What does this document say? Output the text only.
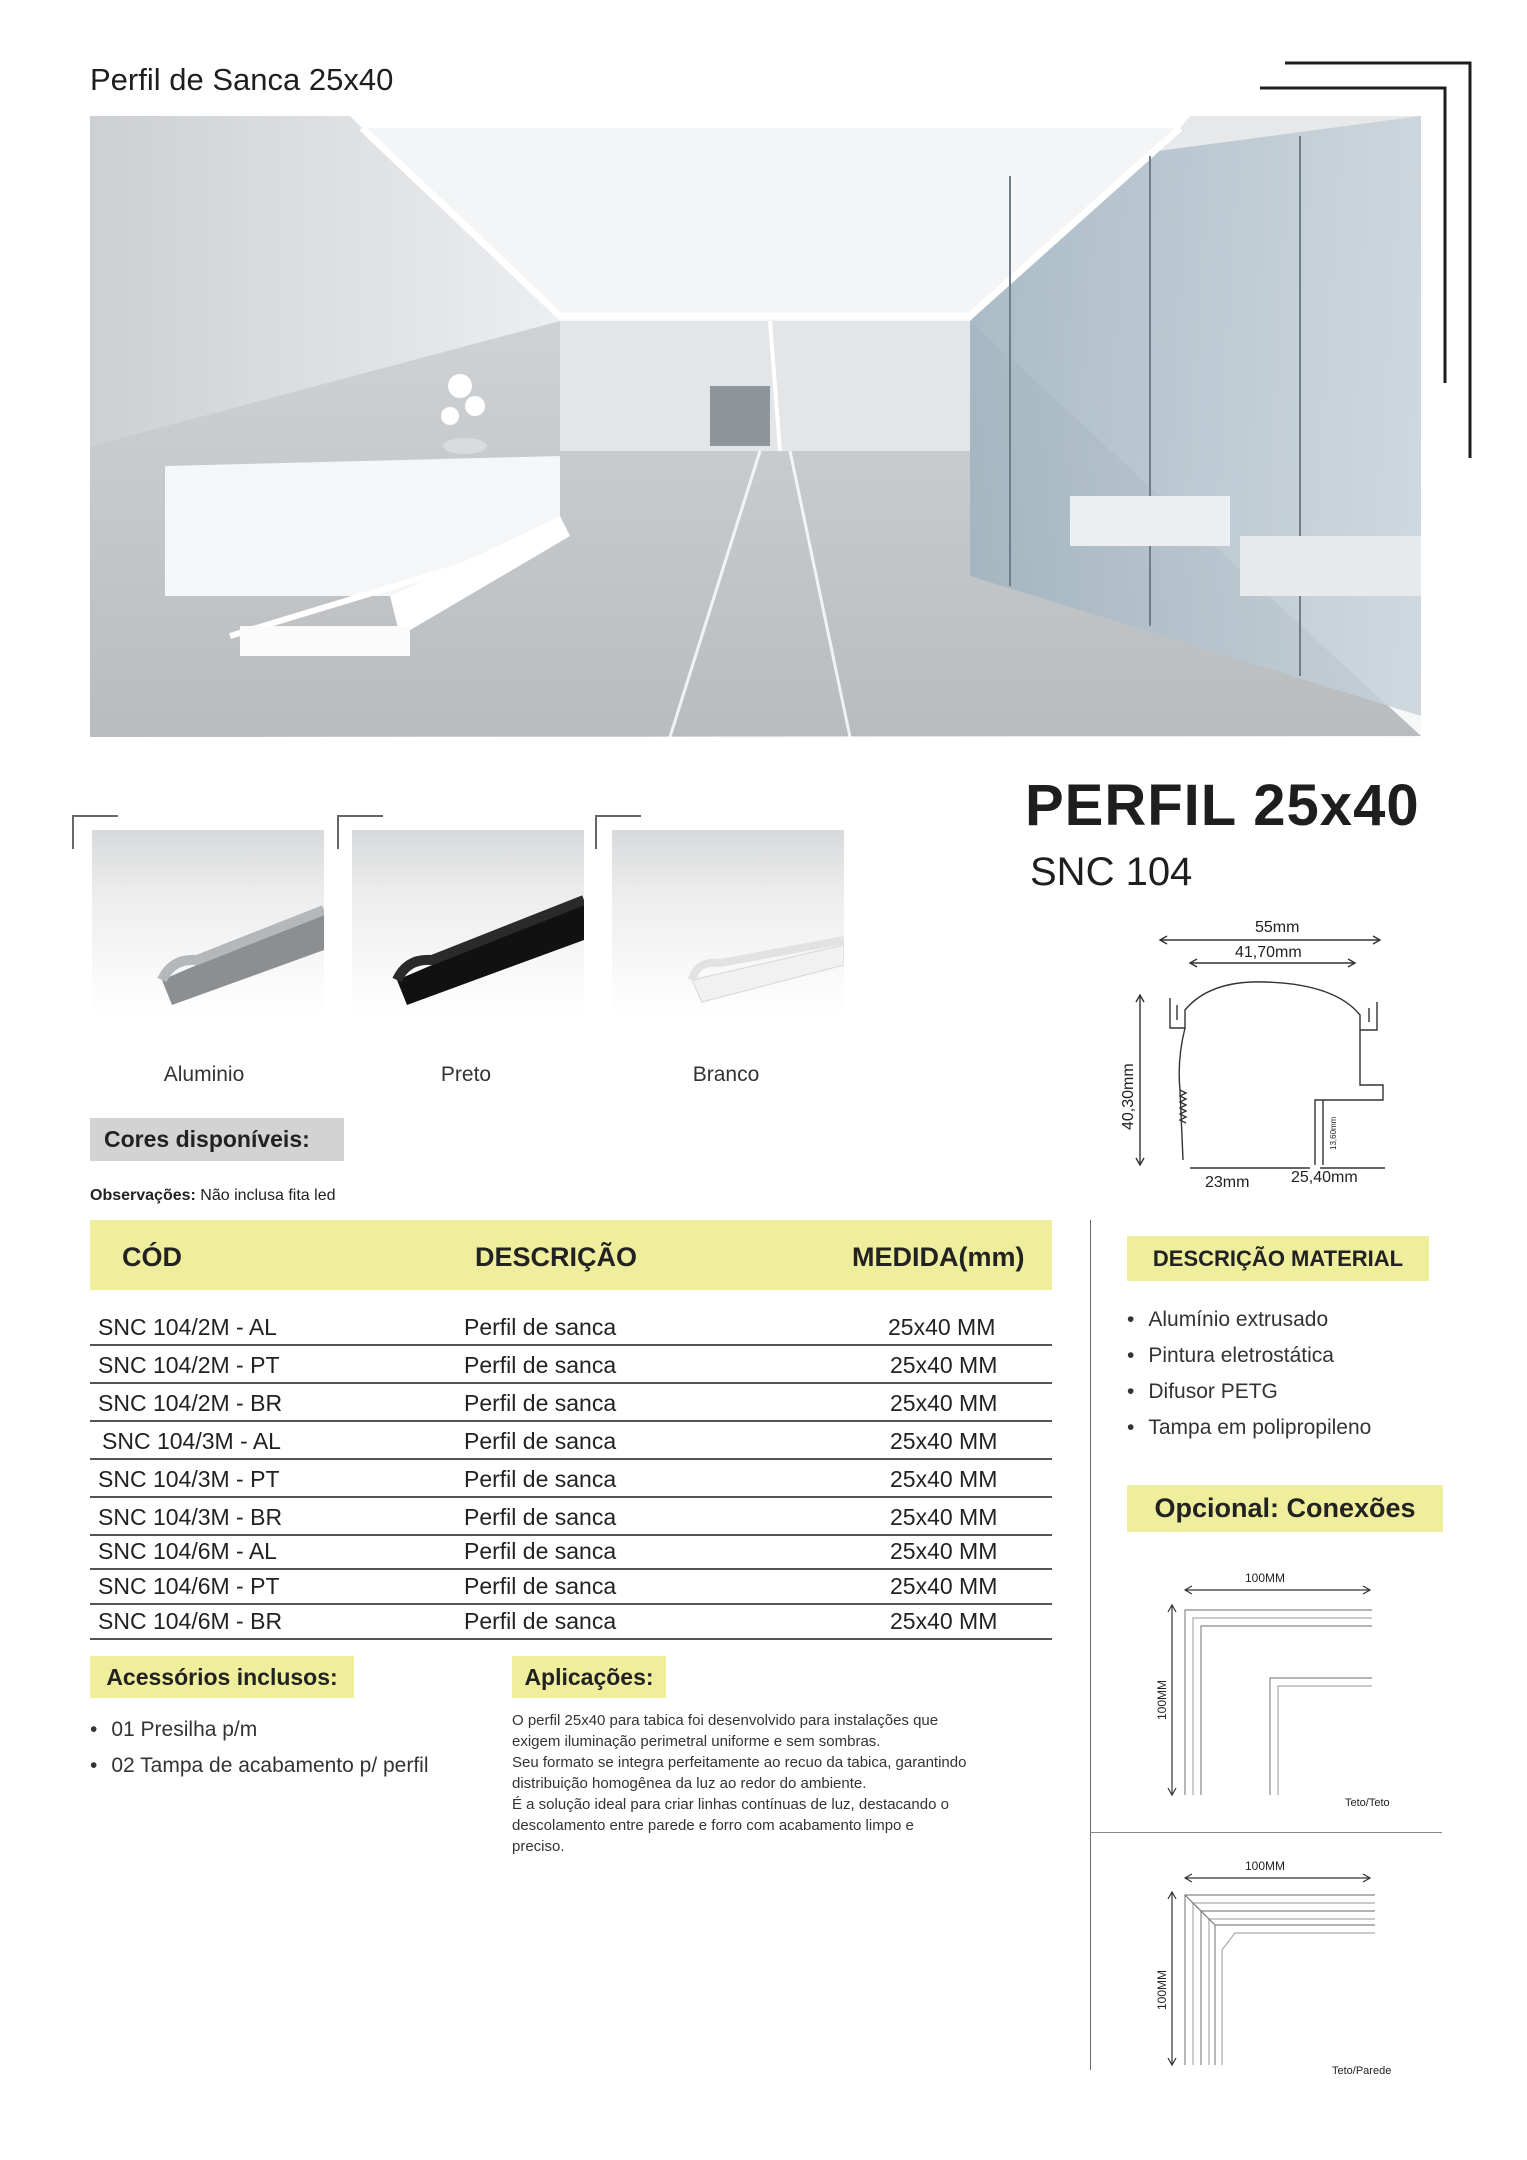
Perfil de Sanca 25x40
Aluminio	Preto	Branco
PERFIL 25x40
SNC 104
55mm
41,70mm
40,30mm
13,60mm
23mm	25,40mm
Cores disponíveis:
Observações: Não inclusa fita led
CÓD	DESCRIÇÃO	MEDIDA(mm)
SNC 104/2M - AL	Perfil de sanca	25x40 MM
SNC 104/2M - PT	Perfil de sanca	25x40 MM
SNC 104/2M - BR	Perfil de sanca	25x40 MM
SNC 104/3M - AL	Perfil de sanca	25x40 MM
SNC 104/3M - PT	Perfil de sanca	25x40 MM
SNC 104/3M - BR	Perfil de sanca	25x40 MM
SNC 104/6M - AL	Perfil de sanca	25x40 MM
SNC 104/6M - PT	Perfil de sanca	25x40 MM
SNC 104/6M - BR	Perfil de sanca	25x40 MM
DESCRIÇÃO MATERIAL
• Alumínio extrusado
• Pintura eletrostática
• Difusor PETG
• Tampa em polipropileno
Opcional: Conexões
100MM
100MM
Teto/Teto
100MM
100MM
Teto/Parede
Acessórios inclusos:
• 01 Presilha p/m
• 02 Tampa de acabamento p/ perfil
Aplicações:
O perfil 25x40 para tabica foi desenvolvido para instalações que
exigem iluminação perimetral uniforme e sem sombras.
Seu formato se integra perfeitamente ao recuo da tabica, garantindo
distribuição homogênea da luz ao redor do ambiente.
É a solução ideal para criar linhas contínuas de luz, destacando o
descolamento entre parede e forro com acabamento limpo e
preciso.
